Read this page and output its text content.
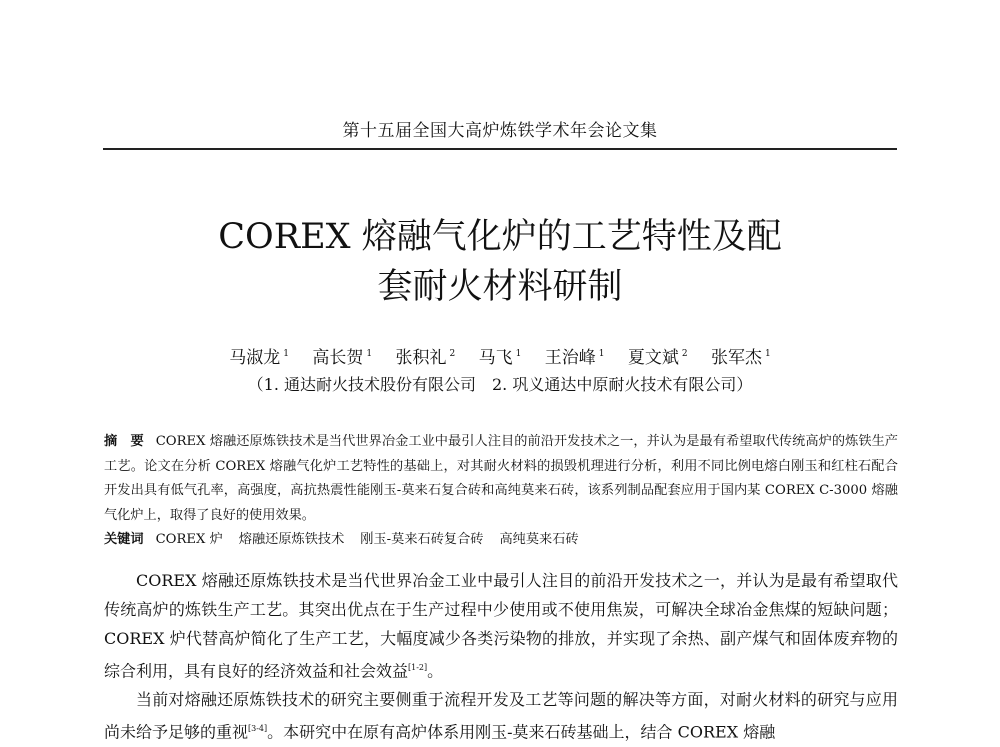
第十五届全国大高炉炼铁学术年会论文集
COREX 熔融气化炉的工艺特性及配
套耐火材料研制
马淑龙 $^1$ 高长贺 $^1$ 张积礼 $^2$ 马飞 $^1$ 王治峰 $^1$ 夏文斌 $^2$ 张军杰 $^1$
（1. 通达耐火技术股份有限公司　2. 巩义通达中原耐火技术有限公司）
摘　要 COREX 熔融还原炼铁技术是当代世界冶金工业中最引人注目的前沿开发技术之一，并认为是最有希望取代传统高炉的炼铁生产工艺。论文在分析 COREX 熔融气化炉工艺特性的基础上，对其耐火材料的损毁机理进行分析，利用不同比例电熔白刚玉和红柱石配合开发出具有低气孔率，高强度，高抗热震性能刚玉-莫来石复合砖和高纯莫来石砖，该系列制品配套应用于国内某 COREX C-3000 熔融气化炉上，取得了良好的使用效果。
关键词 COREX 炉 熔融还原炼铁技术 刚玉-莫来石砖复合砖 高纯莫来石砖

COREX 熔融还原炼铁技术是当代世界冶金工业中最引人注目的前沿开发技术之一，并认为是最有希望取代传统高炉的炼铁生产工艺。其突出优点在于生产过程中少使用或不使用焦炭，可解决全球冶金焦煤的短缺问题；COREX 炉代替高炉简化了生产工艺，大幅度减少各类污染物的排放，并实现了余热、副产煤气和固体废弃物的综合利用，具有良好的经济效益和社会效益[1-2]。

当前对熔融还原炼铁技术的研究主要侧重于流程开发及工艺等问题的解决等方面，对耐火材料的研究与应用尚未给予足够的重视[3-4]。本研究中在原有高炉体系用刚玉-莫来石砖基础上，结合 COREX 熔融
